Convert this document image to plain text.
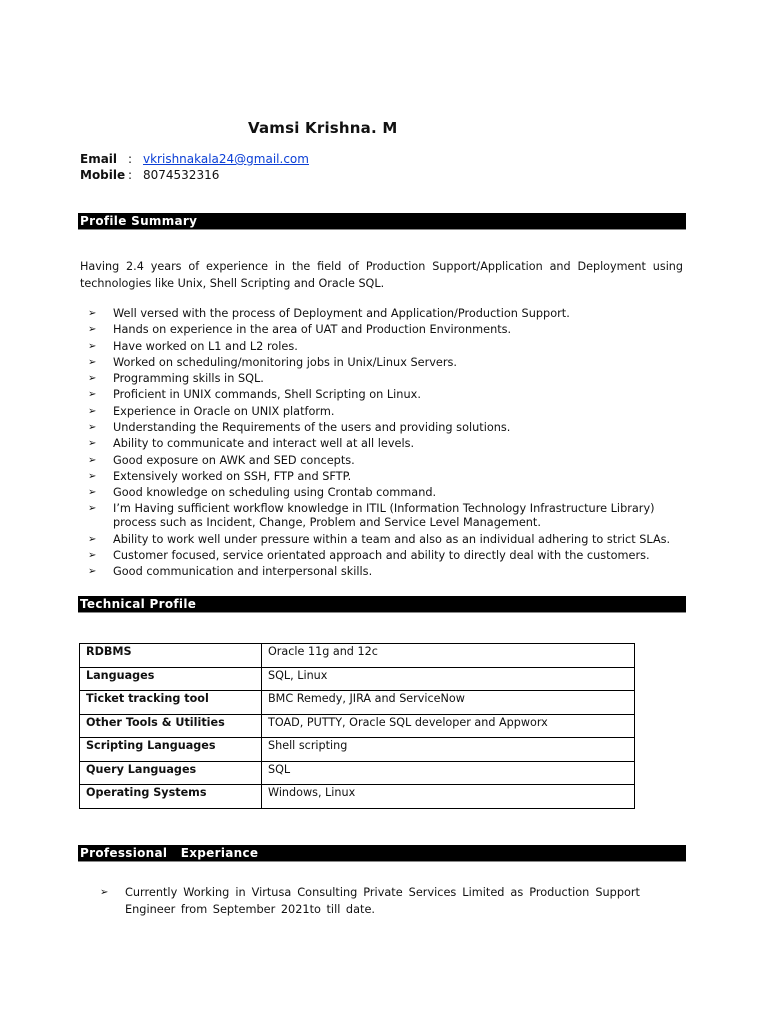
Vamsi Krishna. M
Email : vkrishnakala24@gmail.com
Mobile : 8074532316
Profile Summary
Having 2.4 years of experience in the field of Production Support/Application and Deployment using technologies like Unix, Shell Scripting and Oracle SQL.
➢	Well versed with the process of Deployment and Application/Production Support.
➢	Hands on experience in the area of UAT and Production Environments.
➢	Have worked on L1 and L2 roles.
➢	Worked on scheduling/monitoring jobs in Unix/Linux Servers.
➢	Programming skills in SQL.
➢	Proficient in UNIX commands, Shell Scripting on Linux.
➢	Experience in Oracle on UNIX platform.
➢	Understanding the Requirements of the users and providing solutions.
➢	Ability to communicate and interact well at all levels.
➢	Good exposure on AWK and SED concepts.
➢	Extensively worked on SSH, FTP and SFTP.
➢	Good knowledge on scheduling using Crontab command.
➢	I’m Having sufficient workflow knowledge in ITIL (Information Technology Infrastructure Library) process such as Incident, Change, Problem and Service Level Management.
➢	Ability to work well under pressure within a team and also as an individual adhering to strict SLAs.
➢	Customer focused, service orientated approach and ability to directly deal with the customers.
➢	Good communication and interpersonal skills.
Technical Profile
RDBMS	Oracle 11g and 12c
Languages	SQL, Linux
Ticket tracking tool	BMC Remedy, JIRA and ServiceNow
Other Tools & Utilities	TOAD, PUTTY, Oracle SQL developer and Appworx
Scripting Languages	Shell scripting
Query Languages	SQL
Operating Systems	Windows, Linux
Professional   Experiance
➢	Currently Working in Virtusa Consulting Private Services Limited as Production Support Engineer from September 2021to till date.
